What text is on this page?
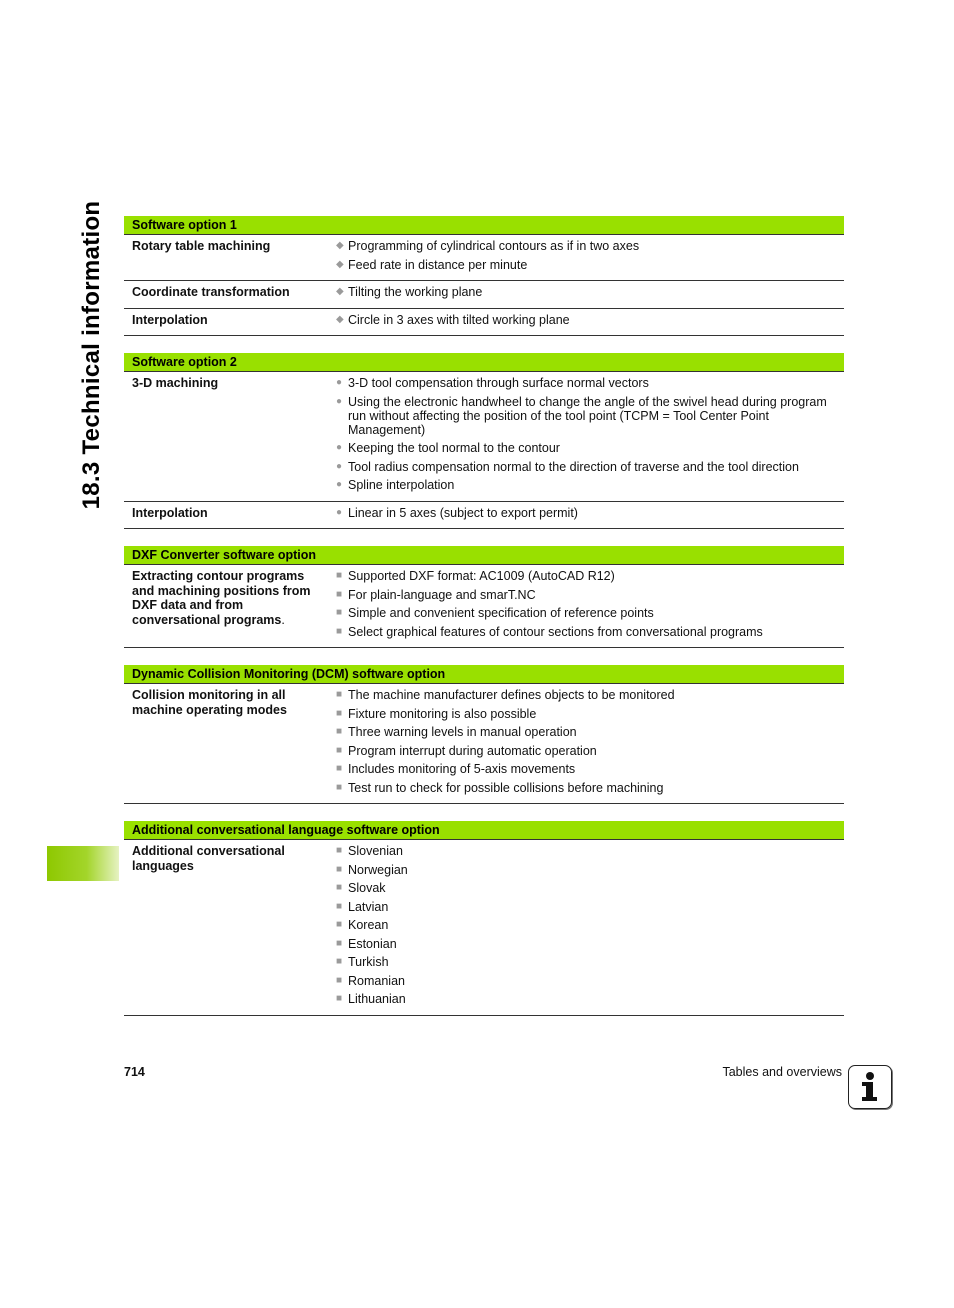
18.3 Technical information	Software option 1
Rotary table machining	◆ Programming of cylindrical contours as if in two axes
◆ Feed rate in distance per minute
Coordinate transformation	◆ Tilting the working plane
Interpolation	◆ Circle in 3 axes with tilted working plane
Software option 2
3-D machining	● 3-D tool compensation through surface normal vectors
● Using the electronic handwheel to change the angle of the swivel head during program run without affecting the position of the tool point (TCPM = Tool Center Point Management)
● Keeping the tool normal to the contour
● Tool radius compensation normal to the direction of traverse and the tool direction
● Spline interpolation
Interpolation	● Linear in 5 axes (subject to export permit)
DXF Converter software option
Extracting contour programs and machining positions from DXF data and from conversational programs.
■ Supported DXF format: AC1009 (AutoCAD R12)
■ For plain-language and smarT.NC
■ Simple and convenient specification of reference points
■ Select graphical features of contour sections from conversational programs
Dynamic Collision Monitoring (DCM) software option
Collision monitoring in all machine operating modes
■ The machine manufacturer defines objects to be monitored
■ Fixture monitoring is also possible
■ Three warning levels in manual operation
■ Program interrupt during automatic operation
■ Includes monitoring of 5-axis movements
■ Test run to check for possible collisions before machining
Additional conversational language software option
Additional conversational languages
■ Slovenian
■ Norwegian
■ Slovak
■ Latvian
■ Korean
■ Estonian
■ Turkish
■ Romanian
■ Lithuanian
714	Tables and overviews
